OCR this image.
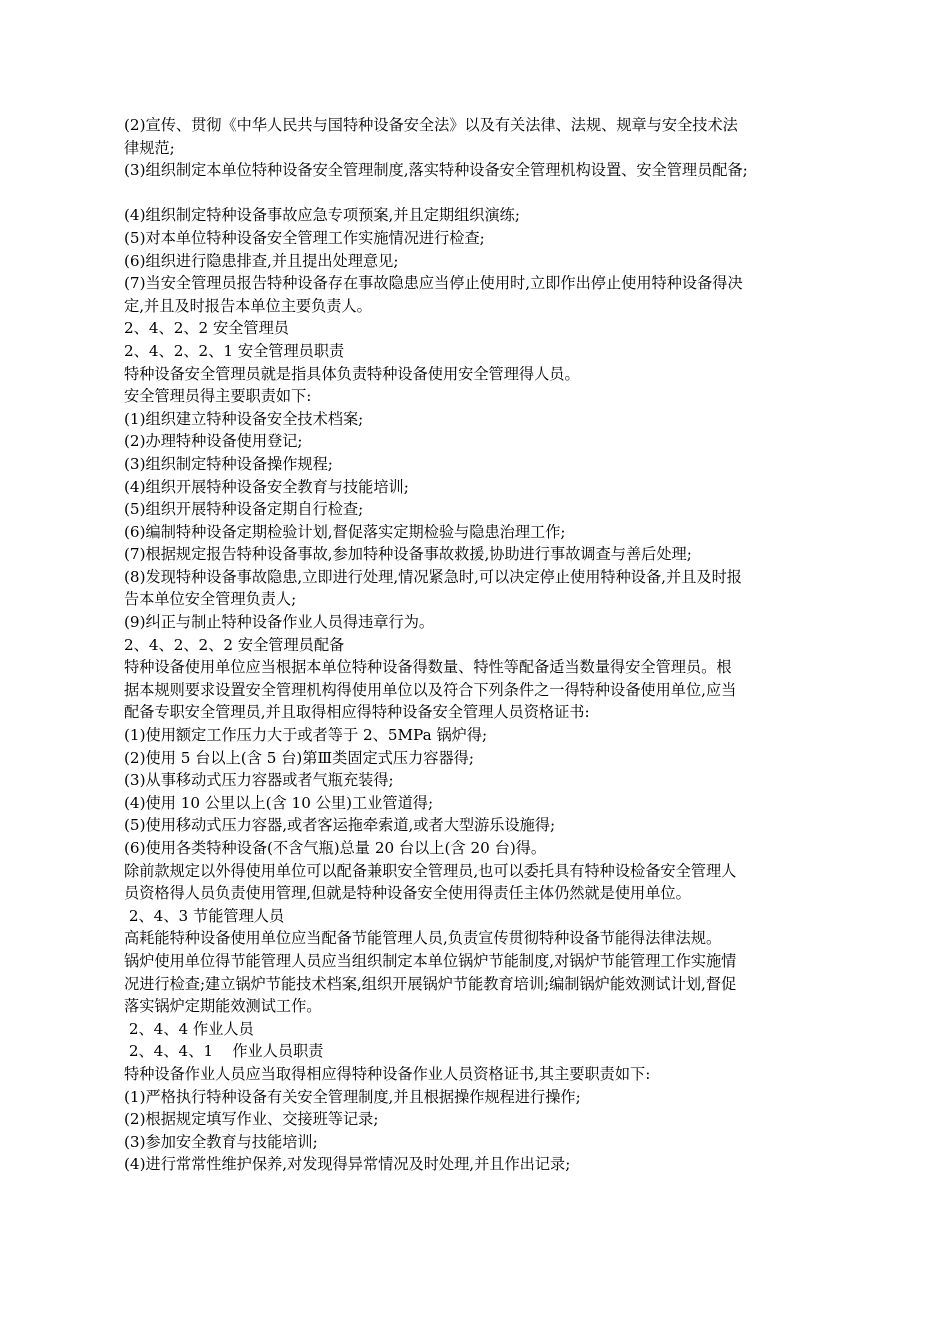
(2)宣传、贯彻《中华人民共与国特种设备安全法》以及有关法律、法规、规章与安全技术法
律规范;
(3)组织制定本单位特种设备安全管理制度,落实特种设备安全管理机构设置、安全管理员配备;
(4)组织制定特种设备事故应急专项预案,并且定期组织演练;
(5)对本单位特种设备安全管理工作实施情况进行检查;
(6)组织进行隐患排查,并且提出处理意见;
(7)当安全管理员报告特种设备存在事故隐患应当停止使用时,立即作出停止使用特种设备得决
定,并且及时报告本单位主要负责人。
2、4、2、2 安全管理员
2、4、2、2、1 安全管理员职责
特种设备安全管理员就是指具体负责特种设备使用安全管理得人员。
安全管理员得主要职责如下:
(1)组织建立特种设备安全技术档案;
(2)办理特种设备使用登记;
(3)组织制定特种设备操作规程;
(4)组织开展特种设备安全教育与技能培训;
(5)组织开展特种设备定期自行检查;
(6)编制特种设备定期检验计划,督促落实定期检验与隐患治理工作;
(7)根据规定报告特种设备事故,参加特种设备事故救援,协助进行事故调查与善后处理;
(8)发现特种设备事故隐患,立即进行处理,情况紧急时,可以决定停止使用特种设备,并且及时报
告本单位安全管理负责人;
(9)纠正与制止特种设备作业人员得违章行为。
2、4、2、2、2 安全管理员配备
特种设备使用单位应当根据本单位特种设备得数量、特性等配备适当数量得安全管理员。根
据本规则要求设置安全管理机构得使用单位以及符合下列条件之一得特种设备使用单位,应当
配备专职安全管理员,并且取得相应得特种设备安全管理人员资格证书:
(1)使用额定工作压力大于或者等于 2、5MPa 锅炉得;
(2)使用 5 台以上(含 5 台)第Ⅲ类固定式压力容器得;
(3)从事移动式压力容器或者气瓶充装得;
(4)使用 10 公里以上(含 10 公里)工业管道得;
(5)使用移动式压力容器,或者客运拖牵索道,或者大型游乐设施得;
(6)使用各类特种设备(不含气瓶)总量 20 台以上(含 20 台)得。
除前款规定以外得使用单位可以配备兼职安全管理员,也可以委托具有特种设检备安全管理人
员资格得人员负责使用管理,但就是特种设备安全使用得责任主体仍然就是使用单位。
2、4、3 节能管理人员
高耗能特种设备使用单位应当配备节能管理人员,负责宣传贯彻特种设备节能得法律法规。
锅炉使用单位得节能管理人员应当组织制定本单位锅炉节能制度,对锅炉节能管理工作实施情
况进行检查;建立锅炉节能技术档案,组织开展锅炉节能教育培训;编制锅炉能效测试计划,督促
落实锅炉定期能效测试工作。
2、4、4 作业人员
2、4、4、1    作业人员职责
特种设备作业人员应当取得相应得特种设备作业人员资格证书,其主要职责如下:
(1)严格执行特种设备有关安全管理制度,并且根据操作规程进行操作;
(2)根据规定填写作业、交接班等记录;
(3)参加安全教育与技能培训;
(4)进行常常性维护保养,对发现得异常情况及时处理,并且作出记录;
